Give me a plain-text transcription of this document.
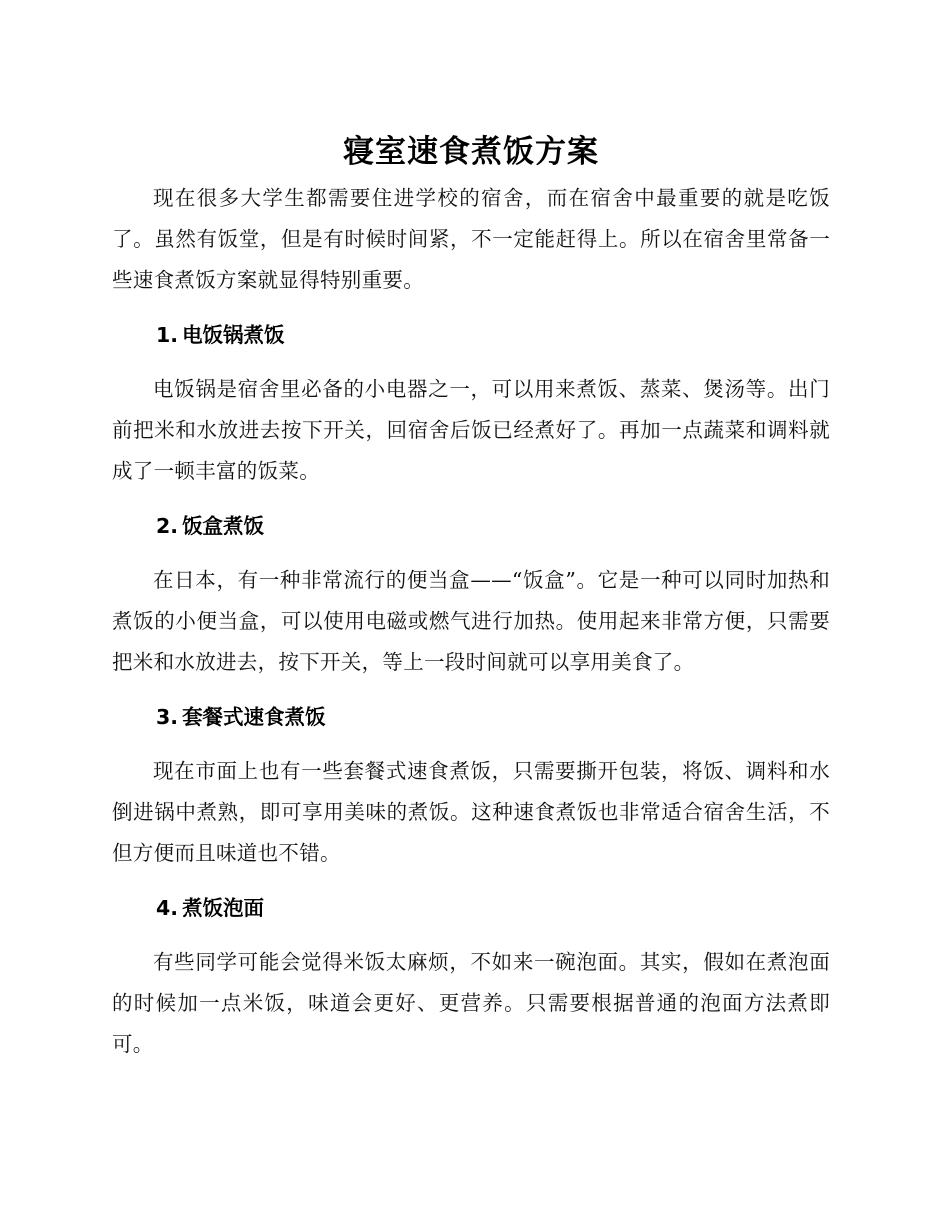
寝室速食煮饭方案

现在很多大学生都需要住进学校的宿舍，而在宿舍中最重要的就是吃饭了。虽然有饭堂，但是有时候时间紧，不一定能赶得上。所以在宿舍里常备一些速食煮饭方案就显得特别重要。

1. 电饭锅煮饭

电饭锅是宿舍里必备的小电器之一，可以用来煮饭、蒸菜、煲汤等。出门前把米和水放进去按下开关，回宿舍后饭已经煮好了。再加一点蔬菜和调料就成了一顿丰富的饭菜。

2. 饭盒煮饭

在日本，有一种非常流行的便当盒——“饭盒”。它是一种可以同时加热和煮饭的小便当盒，可以使用电磁或燃气进行加热。使用起来非常方便，只需要把米和水放进去，按下开关，等上一段时间就可以享用美食了。

3. 套餐式速食煮饭

现在市面上也有一些套餐式速食煮饭，只需要撕开包装，将饭、调料和水倒进锅中煮熟，即可享用美味的煮饭。这种速食煮饭也非常适合宿舍生活，不但方便而且味道也不错。

4. 煮饭泡面

有些同学可能会觉得米饭太麻烦，不如来一碗泡面。其实，假如在煮泡面的时候加一点米饭，味道会更好、更营养。只需要根据普通的泡面方法煮即可。
